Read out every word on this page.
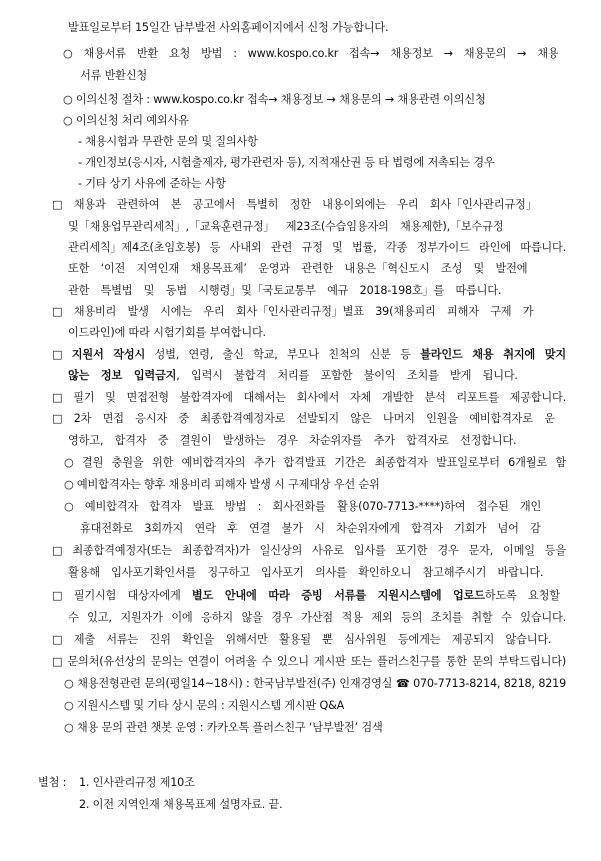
발표일로부터 15일간 남부발전 사외홈페이지에서 신청 가능합니다.
○ 채용서류 반환 요청 방법 : www.kospo.co.kr 접속→ 채용정보 → 채용문의 → 채용
서류 반환신청
○ 이의신청 절차 : www.kospo.co.kr 접속→ 채용정보 → 채용문의 → 채용관련 이의신청
○ 이의신청 처리 예외사유
- 채용시험과 무관한 문의 및 질의사항
- 개인정보(응시자, 시험출제자, 평가관련자 등), 지적재산권 등 타 법령에 저촉되는 경우
- 기타 상기 사유에 준하는 사항
□ 채용과 관련하여 본 공고에서 특별히 정한 내용이외에는 우리 회사「인사관리규정」
및「채용업무관리세칙」,「교육훈련규정」 제23조(수습임용자의 채용제한),「보수규정
관리세칙」제4조(초임호봉) 등 사내외 관련 규정 및 법률, 각종 정부가이드 라인에 따릅니다.
또한 ‘이전 지역인재 채용목표제’ 운영과 관련한 내용은「혁신도시 조성 및 발전에
관한 특별법 및 동법 시행령」및「국토교통부 예규 2018-198호」를 따릅니다.
□ 채용비리 발생 시에는 우리 회사「인사관리규정」별표 39(채용피리 피해자 구제 가
이드라인)에 따라 시험기회를 부여합니다.
□ 지원서 작성시 성별, 연령, 출신 학교, 부모나 친척의 신분 등 블라인드 채용 취지에 맞지
않는 정보 입력금지, 입력시 불합격 처리를 포함한 불이익 조치를 받게 됩니다.
□ 필기 및 면접전형 불합격자에 대해서는 회사에서 자체 개발한 분석 리포트를 제공합니다.
□ 2차 면접 응시자 중 최종합격예정자로 선발되지 않은 나머지 인원을 예비합격자로 운
영하고, 합격자 중 결원이 발생하는 경우 차순위자를 추가 합격자로 선정합니다.
○ 결원 충원을 위한 예비합격자의 추가 합격발표 기간은 최종합격자 발표일로부터 6개월로 함
○ 예비합격자는 향후 채용비리 피해자 발생 시 구제대상 우선 순위
○ 예비합격자 합격자 발표 방법 : 회사전화를 활용(070-7713-****)하여 접수된 개인
휴대전화로 3회까지 연락 후 연결 불가 시 차순위자에게 합격자 기회가 넘어 감
□ 최종합격예정자(또는 최종합격자)가 일신상의 사유로 입사를 포기한 경우 문자, 이메일 등을
활용해 입사포기확인서를 징구하고 입사포기 의사를 확인하오니 참고해주시기 바랍니다.
□ 필기시험 대상자에게 별도 안내에 따라 증빙 서류를 지원시스템에 업로드하도록 요청할
수 있고, 지원자가 이에 응하지 않을 경우 가산점 적용 제외 등의 조치를 취할 수 있습니다.
□ 제출 서류는 진위 확인을 위해서만 활용될 뿐 심사위원 등에게는 제공되지 않습니다.
□ 문의처(유선상의 문의는 연결이 어려울 수 있으니 게시판 또는 플러스친구를 통한 문의 부탁드립니다)
○ 채용전형관련 문의(평일14~18시) : 한국남부발전(주) 인재경영실 ☎ 070-7713-8214, 8218, 8219
○ 지원시스템 및 기타 상시 문의 : 지원시스템 게시판 Q&A
○ 채용 문의 관련 챗봇 운영 : 카카오톡 플러스친구 ‘남부발전’ 검색
별첨 : 1. 인사관리규정 제10조
2. 이전 지역인재 채용목표제 설명자료. 끝.
